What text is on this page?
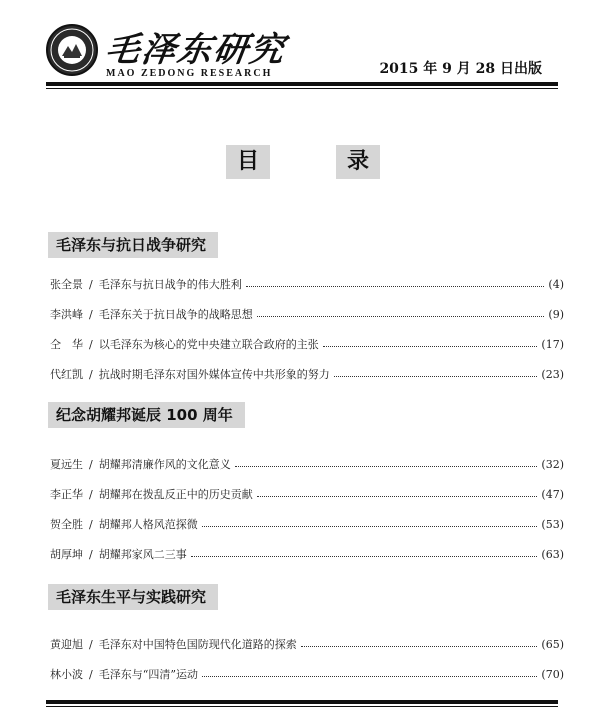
毛泽东研究
MAO ZEDONG RESEARCH	2015 年 9 月 28 日出版
目	录
毛泽东与抗日战争研究
张全景 / 毛泽东与抗日战争的伟大胜利	(4)
李洪峰 / 毛泽东关于抗日战争的战略思想	(9)
仝　华 / 以毛泽东为核心的党中央建立联合政府的主张	(17)
代红凯 / 抗战时期毛泽东对国外媒体宣传中共形象的努力	(23)
纪念胡耀邦诞辰 100 周年
夏远生 / 胡耀邦清廉作风的文化意义	(32)
李正华 / 胡耀邦在拨乱反正中的历史贡献	(47)
贺全胜 / 胡耀邦人格风范探微	(53)
胡厚坤 / 胡耀邦家风二三事	(63)
毛泽东生平与实践研究
黄迎旭 / 毛泽东对中国特色国防现代化道路的探索	(65)
林小波 / 毛泽东与“四清”运动	(70)
